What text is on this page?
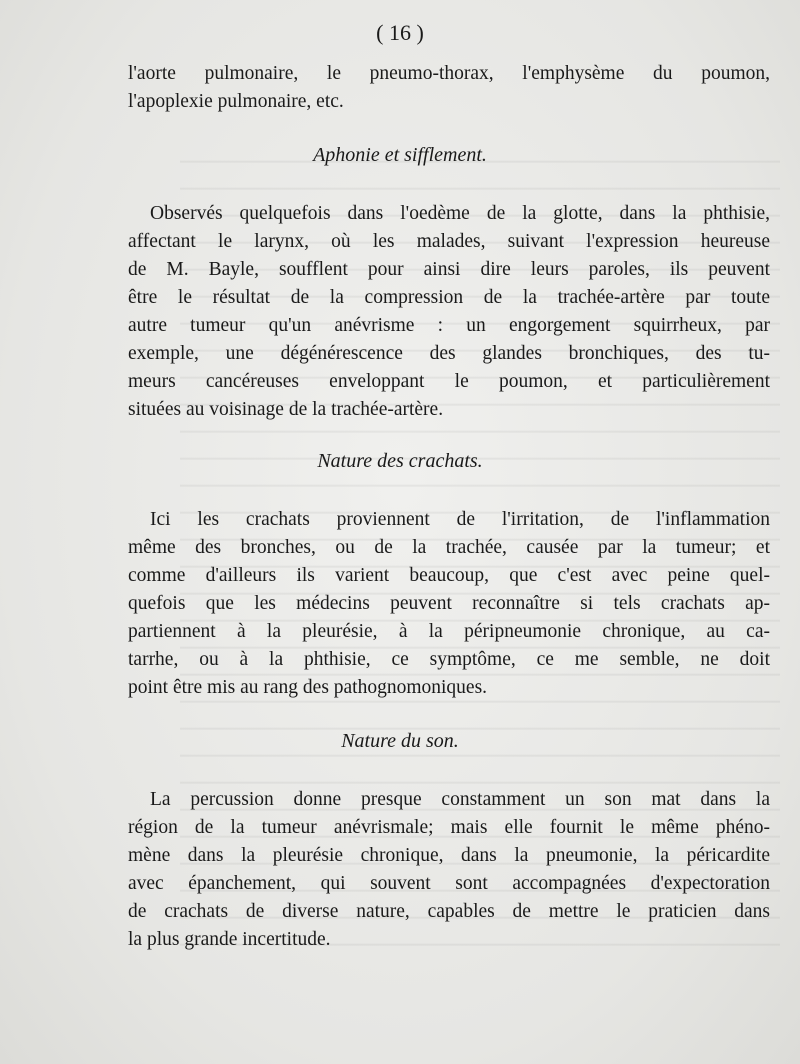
( 16 )
l'aorte pulmonaire, le pneumo-thorax, l'emphysème du poumon,
l'apoplexie pulmonaire, etc.
Aphonie et sifflement.
Observés quelquefois dans l'oedème de la glotte, dans la phthisie,
affectant le larynx, où les malades, suivant l'expression heureuse
de M. Bayle, soufflent pour ainsi dire leurs paroles, ils peuvent
être le résultat de la compression de la trachée-artère par toute
autre tumeur qu'un anévrisme : un engorgement squirrheux, par
exemple, une dégénérescence des glandes bronchiques, des tu-
meurs cancéreuses enveloppant le poumon, et particulièrement
situées au voisinage de la trachée-artère.
Nature des crachats.
Ici les crachats proviennent de l'irritation, de l'inflammation
même des bronches, ou de la trachée, causée par la tumeur; et
comme d'ailleurs ils varient beaucoup, que c'est avec peine quel-
quefois que les médecins peuvent reconnaître si tels crachats ap-
partiennent à la pleurésie, à la péripneumonie chronique, au ca-
tarrhe, ou à la phthisie, ce symptôme, ce me semble, ne doit
point être mis au rang des pathognomoniques.
Nature du son.
La percussion donne presque constamment un son mat dans la
région de la tumeur anévrismale; mais elle fournit le même phéno-
mène dans la pleurésie chronique, dans la pneumonie, la péricardite
avec épanchement, qui souvent sont accompagnées d'expectoration
de crachats de diverse nature, capables de mettre le praticien dans
la plus grande incertitude.
